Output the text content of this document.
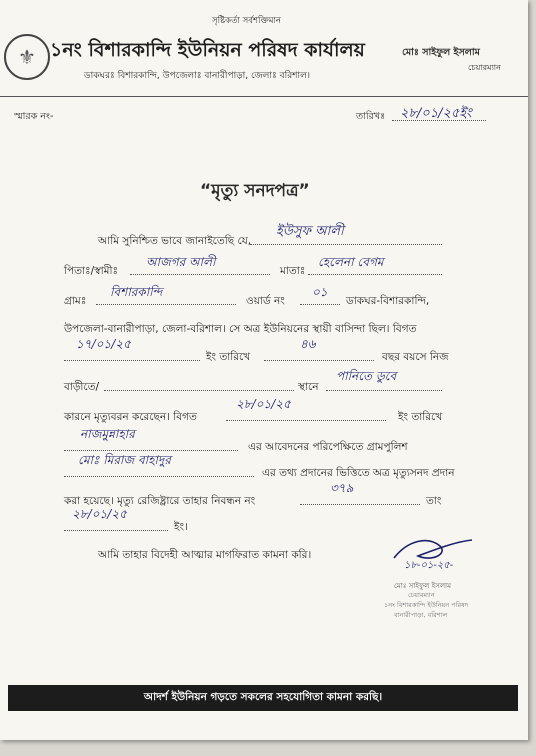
⚜
সৃষ্টিকর্তা সর্বশক্তিমান
১নং বিশারকান্দি ইউনিয়ন পরিষদ কার্যালয়
ডাকঘরঃ বিশারকান্দি, উপজেলাঃ বানারীপাড়া, জেলাঃ বরিশাল।
মোঃ সাইফুল ইসলাম
চেয়ারম্যান
স্মারক নং-	তারিখঃ ২৮/০১/২৫ইং
“মৃত্যু সনদপত্র”
আমি সুনিশ্চিত ভাবে জানাইতেছি যে,
ইউসুফ আলী
পিতাঃ/স্বামীঃ
আজগর আলী
মাতাঃ
হেলেনা বেগম
গ্রামঃ
বিশারকান্দি
ওয়ার্ড নং
০১
ডাকঘর-বিশারকান্দি,
উপজেলা-বানারীপাড়া, জেলা-বরিশাল। সে অত্র ইউনিয়নের স্থায়ী বাসিন্দা ছিল। বিগত
১৭/০১/২৫
ইং তারিখে
৪৬
বছর বয়সে নিজ
বাড়ীতে/	স্থানে
পানিতে ডুবে
কারনে মৃত্যুবরন করেছেন। বিগত
২৮/০১/২৫
ইং তারিখে
নাজমুন্নাহার
এর আবেদনের পরিপেক্ষিতে গ্রামপুলিশ
মোঃ মিরাজ বাহাদুর
এর তথ্য প্রদানের ভিত্তিতে অত্র মৃত্যুসনদ প্রদান
করা হয়েছে। মৃত্যু রেজিষ্ট্রারে তাহার নিবন্ধন নং
৩৭৯
তাং
২৮/০১/২৫
ইং।
আমি তাহার বিদেহী আত্মার মাগফিরাত কামনা করি।
১৮-০১-২৫-
মোঃ সাইফুল ইসলাম
চেয়ারম্যান
১নং বিশারকান্দি ইউনিয়ন পরিষদ
বানারীপাড়া, বরিশাল
আদর্শ ইউনিয়ন গড়তে সকলের সহযোগিতা কামনা করছি।
